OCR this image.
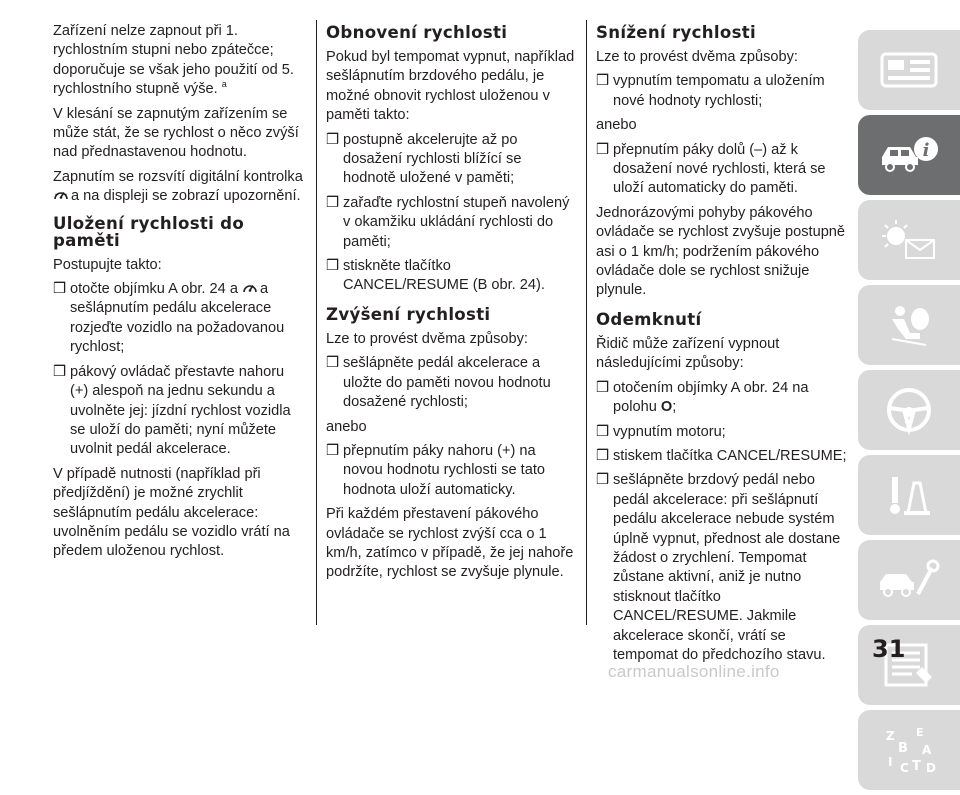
Zařízení nelze zapnout při 1. rychlostním stupni nebo zpátečce; doporučuje se však jeho použití od 5. rychlostního stupně výše. $^a$

V klesání se zapnutým zařízením se může stát, že se rychlost o něco zvýší nad přednastavenou hodnotu.

Zapnutím se rozsvítí digitální kontrolka a na displeji se zobrazí upozornění.

Uložení rychlosti do paměti

Postupujte takto:

❒ otočte objímku A obr. 24 a a sešlápnutím pedálu akcelerace rozjeďte vozidlo na požadovanou rychlost;
❒ pákový ovládač přestavte nahoru (+) alespoň na jednu sekundu a uvolněte jej: jízdní rychlost vozidla se uloží do paměti; nyní můžete uvolnit pedál akcelerace.

V případě nutnosti (například při předjíždění) je možné zrychlit sešlápnutím pedálu akcelerace: uvolněním pedálu se vozidlo vrátí na předem uloženou rychlost.

Obnovení rychlosti

Pokud byl tempomat vypnut, například sešlápnutím brzdového pedálu, je možné obnovit rychlost uloženou v paměti takto:

❒ postupně akcelerujte až po dosažení rychlosti blížící se hodnotě uložené v paměti;
❒ zařaďte rychlostní stupeň navolený v okamžiku ukládání rychlosti do paměti;
❒ stiskněte tlačítko CANCEL/RESUME (B obr. 24).
Zvýšení rychlosti

Lze to provést dvěma způsoby:

❒ sešlápněte pedál akcelerace a uložte do paměti novou hodnotu dosažené rychlosti;

anebo

❒ přepnutím páky nahoru (+) na novou hodnotu rychlosti se tato hodnota uloží automaticky.

Při každém přestavení pákového ovládače se rychlost zvýší cca o 1 km/h, zatímco v případě, že jej nahoře podržíte, rychlost se zvyšuje plynule.

Snížení rychlosti

Lze to provést dvěma způsoby:

❒ vypnutím tempomatu a uložením nové hodnoty rychlosti;

anebo

❒ přepnutím páky dolů (–) až k dosažení nové rychlosti, která se uloží automaticky do paměti.

Jednorázovými pohyby pákového ovládače se rychlost zvyšuje postupně asi o 1 km/h; podržením pákového ovládače dole se rychlost snižuje plynule.

Odemknutí

Řidič může zařízení vypnout následujícími způsoby:

❒ otočením objímky A obr. 24 na polohu O;
❒ vypnutím motoru;
❒ stiskem tlačítka CANCEL/RESUME;
❒ sešlápněte brzdový pedál nebo pedál akcelerace: při sešlápnutí pedálu akcelerace nebude systém úplně vypnut, přednost ale dostane žádost o zrychlení. Tempomat zůstane aktivní, aniž je nutno stisknout tlačítko CANCEL/RESUME. Jakmile akcelerace skončí, vrátí se tempomat do předchozího stavu.
i
Z E
B A
I C T D
31
carmanualsonline.info
